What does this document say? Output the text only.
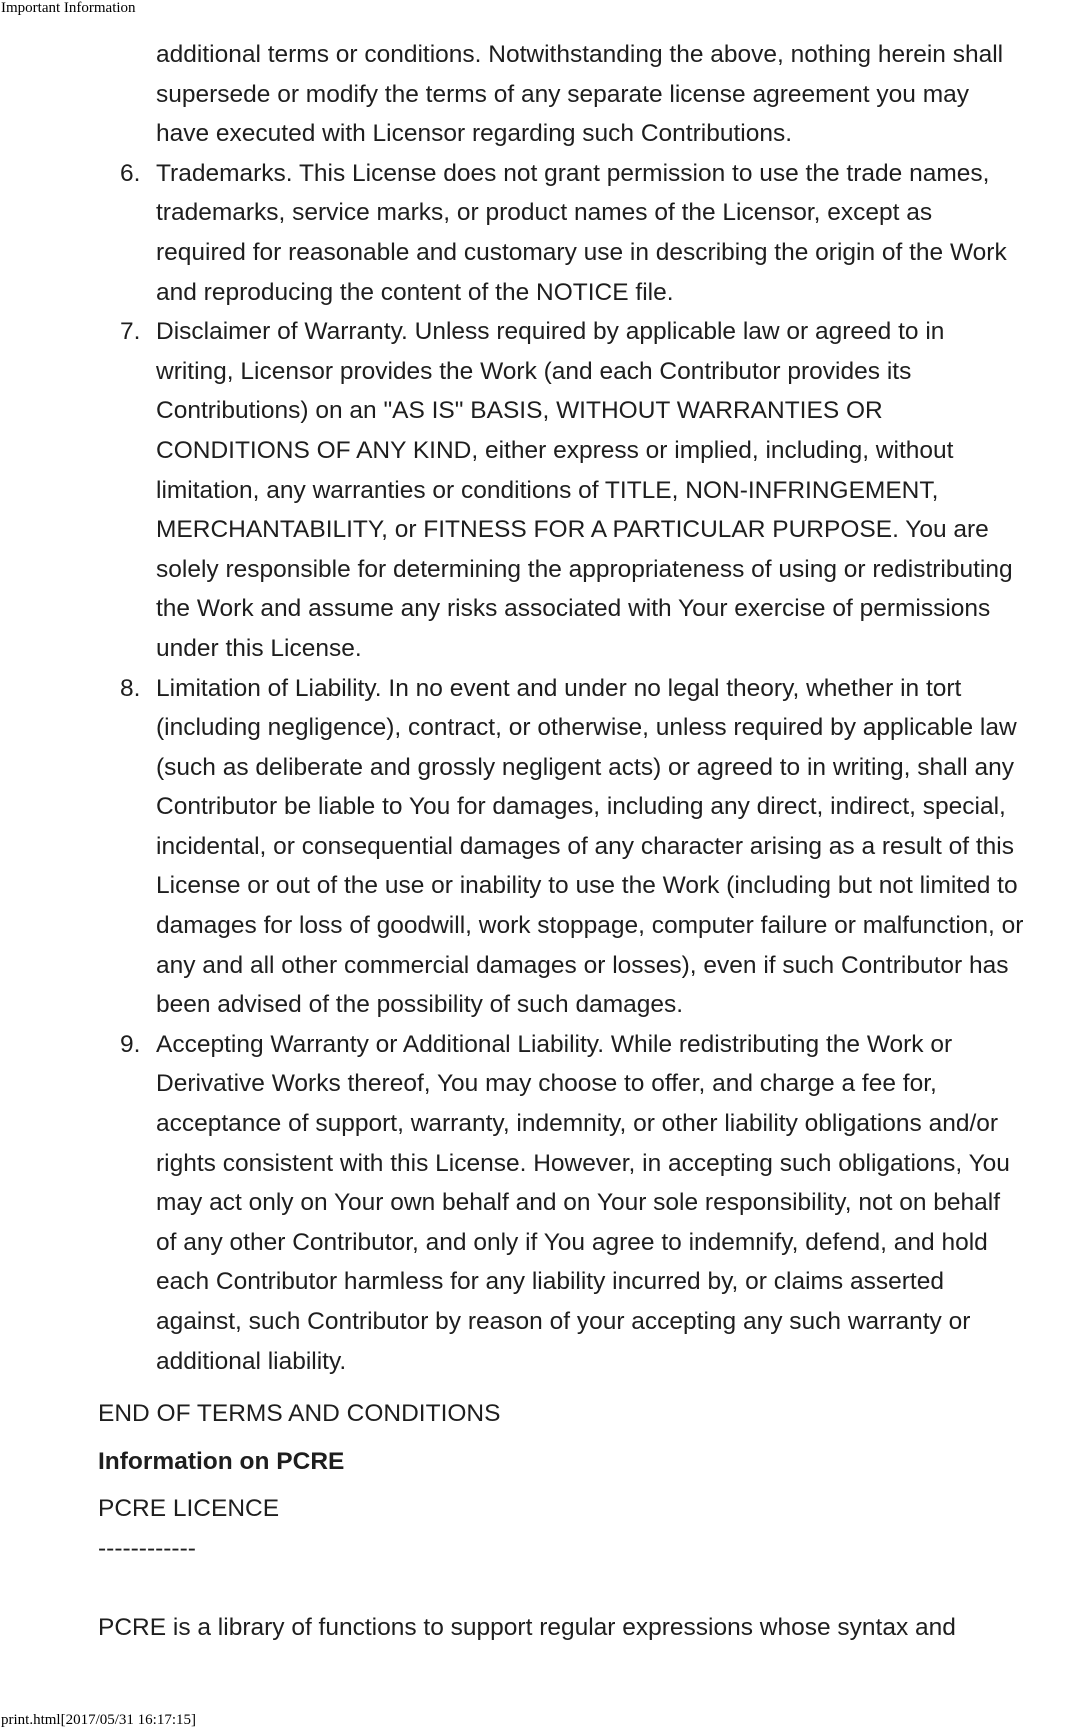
Important Information
additional terms or conditions. Notwithstanding the above, nothing herein shall
supersede or modify the terms of any separate license agreement you may
have executed with Licensor regarding such Contributions.
6. Trademarks. This License does not grant permission to use the trade names,
trademarks, service marks, or product names of the Licensor, except as
required for reasonable and customary use in describing the origin of the Work
and reproducing the content of the NOTICE file.
7. Disclaimer of Warranty. Unless required by applicable law or agreed to in
writing, Licensor provides the Work (and each Contributor provides its
Contributions) on an "AS IS" BASIS, WITHOUT WARRANTIES OR
CONDITIONS OF ANY KIND, either express or implied, including, without
limitation, any warranties or conditions of TITLE, NON-INFRINGEMENT,
MERCHANTABILITY, or FITNESS FOR A PARTICULAR PURPOSE. You are
solely responsible for determining the appropriateness of using or redistributing
the Work and assume any risks associated with Your exercise of permissions
under this License.
8. Limitation of Liability. In no event and under no legal theory, whether in tort
(including negligence), contract, or otherwise, unless required by applicable law
(such as deliberate and grossly negligent acts) or agreed to in writing, shall any
Contributor be liable to You for damages, including any direct, indirect, special,
incidental, or consequential damages of any character arising as a result of this
License or out of the use or inability to use the Work (including but not limited to
damages for loss of goodwill, work stoppage, computer failure or malfunction, or
any and all other commercial damages or losses), even if such Contributor has
been advised of the possibility of such damages.
9. Accepting Warranty or Additional Liability. While redistributing the Work or
Derivative Works thereof, You may choose to offer, and charge a fee for,
acceptance of support, warranty, indemnity, or other liability obligations and/or
rights consistent with this License. However, in accepting such obligations, You
may act only on Your own behalf and on Your sole responsibility, not on behalf
of any other Contributor, and only if You agree to indemnify, defend, and hold
each Contributor harmless for any liability incurred by, or claims asserted
against, such Contributor by reason of your accepting any such warranty or
additional liability.
END OF TERMS AND CONDITIONS
Information on PCRE
PCRE LICENCE
------------
PCRE is a library of functions to support regular expressions whose syntax and
print.html[2017/05/31 16:17:15]
